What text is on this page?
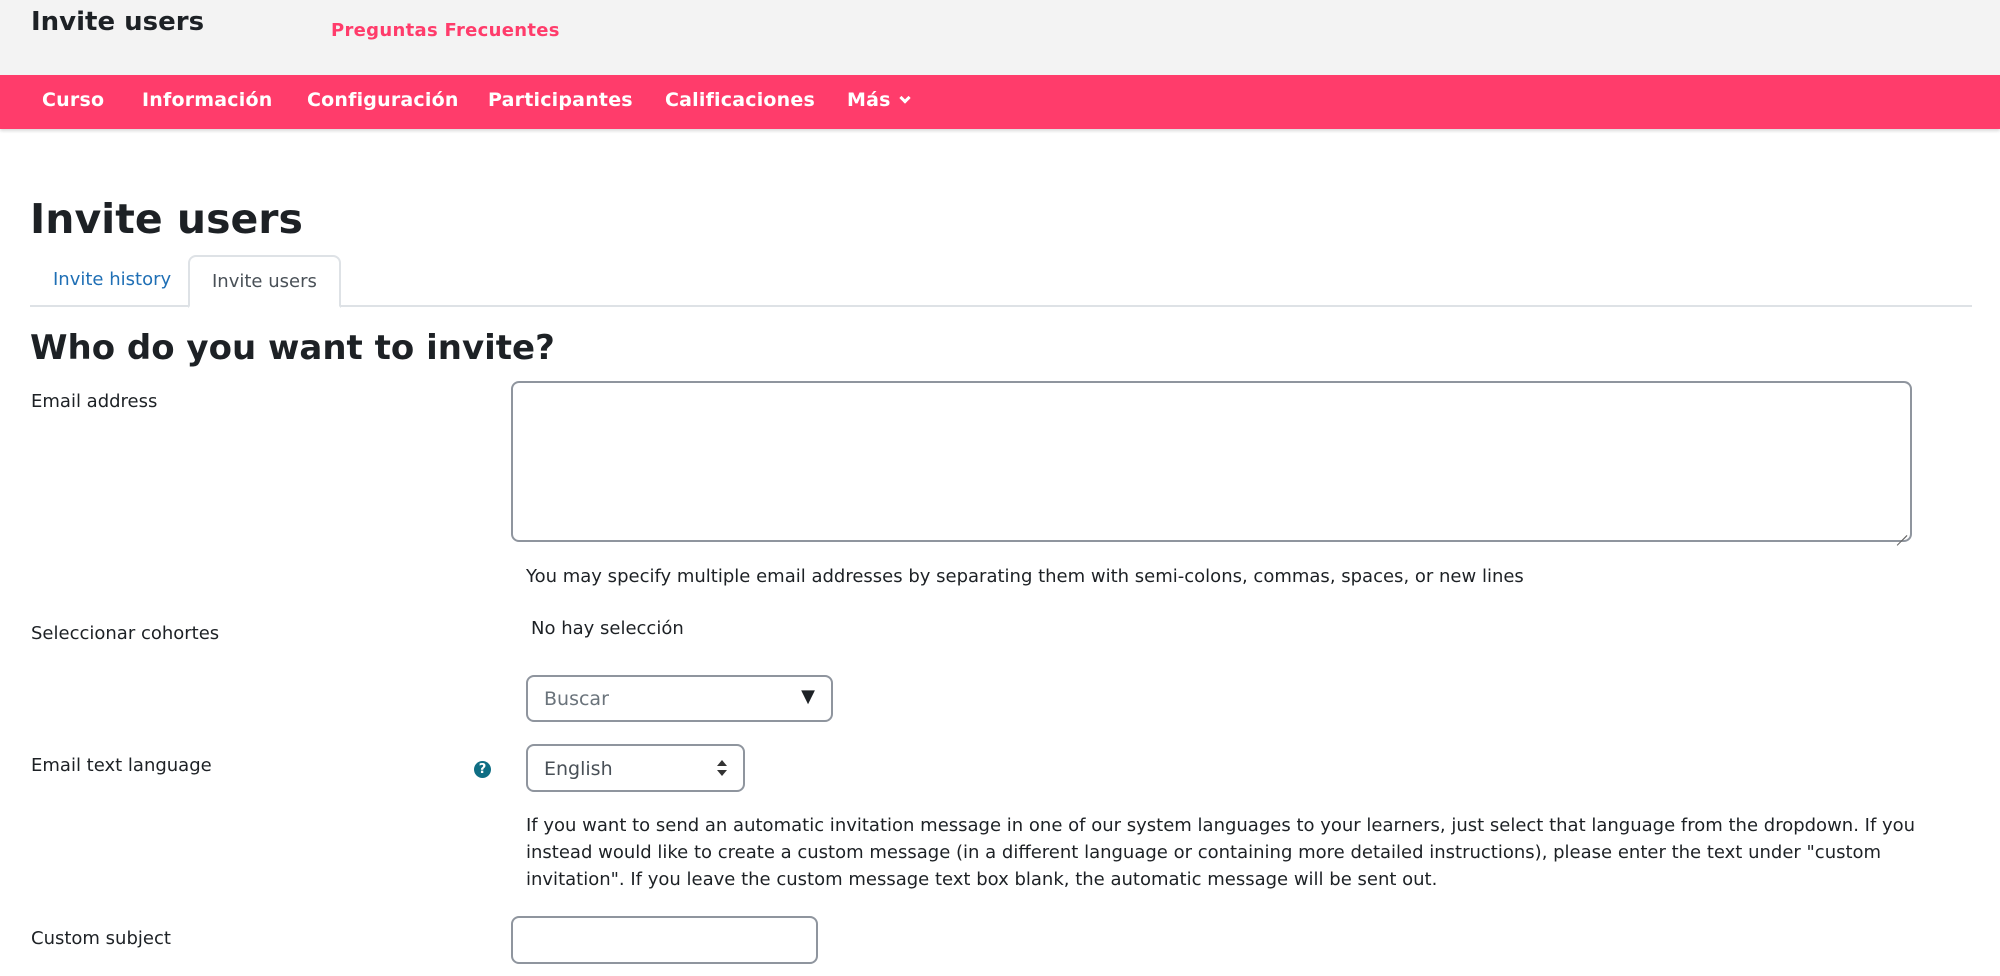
Invite users	Preguntas Frecuentes
Curso Información Configuración Participantes Calificaciones Más
Invite users
Invite history	Invite users
Who do you want to invite?
Email address
You may specify multiple email addresses by separating them with semi-colons, commas, spaces, or new lines
Seleccionar cohortes	No hay selección
Buscar	▼
Email text language	?	English
If you want to send an automatic invitation message in one of our system languages to your learners, just select that language from the dropdown. If you instead would like to create a custom message (in a different language or containing more detailed instructions), please enter the text under "custom invitation". If you leave the custom message text box blank, the automatic message will be sent out.
Custom subject
